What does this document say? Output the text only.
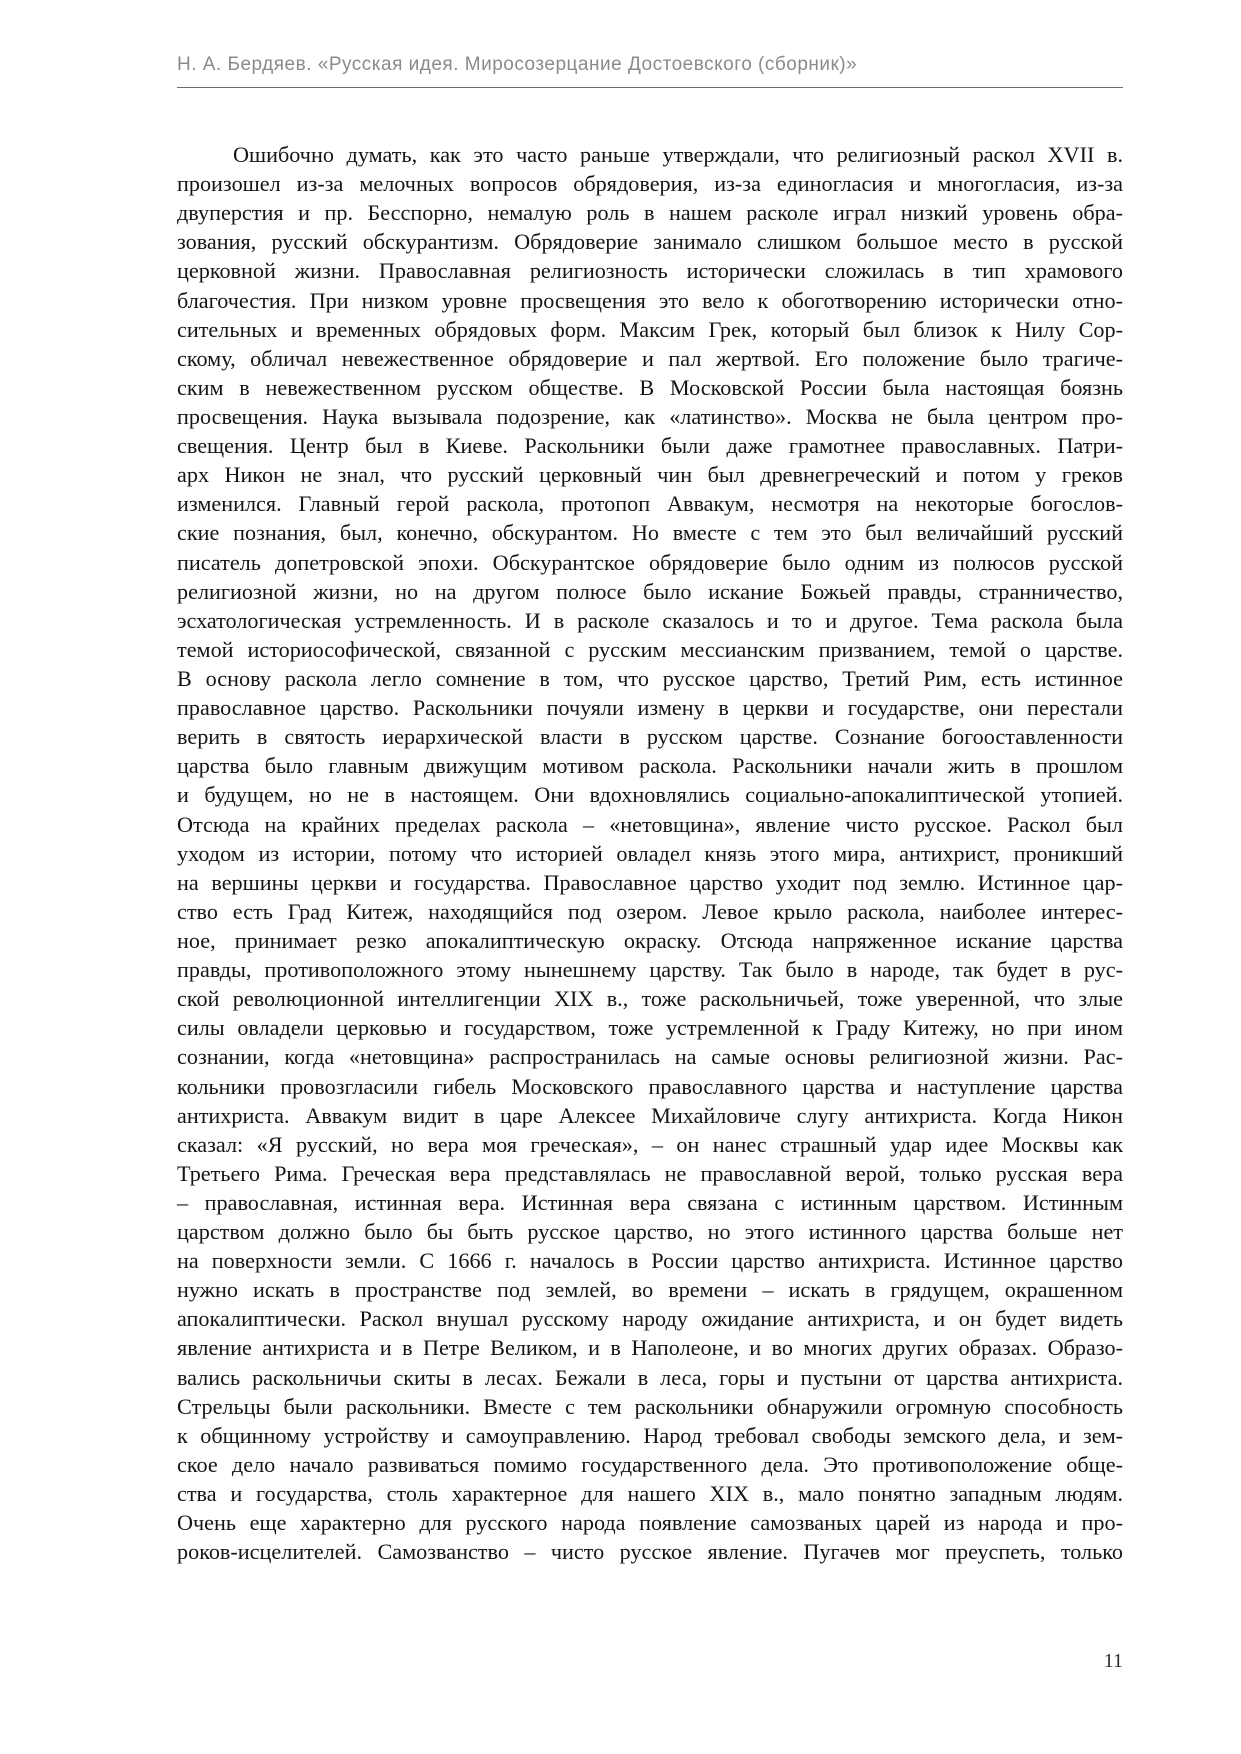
Н. А. Бердяев. «Русская идея. Миросозерцание Достоевского (сборник)»
Ошибочно думать, как это часто раньше утверждали, что религиозный раскол XVII в.
произошел из-за мелочных вопросов обрядоверия, из-за единогласия и многогласия, из-за
двуперстия и пр. Бесспорно, немалую роль в нашем расколе играл низкий уровень обра-
зования, русский обскурантизм. Обрядоверие занимало слишком большое место в русской
церковной жизни. Православная религиозность исторически сложилась в тип храмового
благочестия. При низком уровне просвещения это вело к обоготворению исторически отно-
сительных и временных обрядовых форм. Максим Грек, который был близок к Нилу Сор-
скому, обличал невежественное обрядоверие и пал жертвой. Его положение было трагиче-
ским в невежественном русском обществе. В Московской России была настоящая боязнь
просвещения. Наука вызывала подозрение, как «латинство». Москва не была центром про-
свещения. Центр был в Киеве. Раскольники были даже грамотнее православных. Патри-
арх Никон не знал, что русский церковный чин был древнегреческий и потом у греков
изменился. Главный герой раскола, протопоп Аввакум, несмотря на некоторые богослов-
ские познания, был, конечно, обскурантом. Но вместе с тем это был величайший русский
писатель допетровской эпохи. Обскурантское обрядоверие было одним из полюсов русской
религиозной жизни, но на другом полюсе было искание Божьей правды, странничество,
эсхатологическая устремленность. И в расколе сказалось и то и другое. Тема раскола была
темой историософической, связанной с русским мессианским призванием, темой о царстве.
В основу раскола легло сомнение в том, что русское царство, Третий Рим, есть истинное
православное царство. Раскольники почуяли измену в церкви и государстве, они перестали
верить в святость иерархической власти в русском царстве. Сознание богооставленности
царства было главным движущим мотивом раскола. Раскольники начали жить в прошлом
и будущем, но не в настоящем. Они вдохновлялись социально-апокалиптической утопией.
Отсюда на крайних пределах раскола – «нетовщина», явление чисто русское. Раскол был
уходом из истории, потому что историей овладел князь этого мира, антихрист, проникший
на вершины церкви и государства. Православное царство уходит под землю. Истинное цар-
ство есть Град Китеж, находящийся под озером. Левое крыло раскола, наиболее интерес-
ное, принимает резко апокалиптическую окраску. Отсюда напряженное искание царства
правды, противоположного этому нынешнему царству. Так было в народе, так будет в рус-
ской революционной интеллигенции XIX в., тоже раскольничьей, тоже уверенной, что злые
силы овладели церковью и государством, тоже устремленной к Граду Китежу, но при ином
сознании, когда «нетовщина» распространилась на самые основы религиозной жизни. Рас-
кольники провозгласили гибель Московского православного царства и наступление царства
антихриста. Аввакум видит в царе Алексее Михайловиче слугу антихриста. Когда Никон
сказал: «Я русский, но вера моя греческая», – он нанес страшный удар идее Москвы как
Третьего Рима. Греческая вера представлялась не православной верой, только русская вера
– православная, истинная вера. Истинная вера связана с истинным царством. Истинным
царством должно было бы быть русское царство, но этого истинного царства больше нет
на поверхности земли. С 1666 г. началось в России царство антихриста. Истинное царство
нужно искать в пространстве под землей, во времени – искать в грядущем, окрашенном
апокалиптически. Раскол внушал русскому народу ожидание антихриста, и он будет видеть
явление антихриста и в Петре Великом, и в Наполеоне, и во многих других образах. Образо-
вались раскольничьи скиты в лесах. Бежали в леса, горы и пустыни от царства антихриста.
Стрельцы были раскольники. Вместе с тем раскольники обнаружили огромную способность
к общинному устройству и самоуправлению. Народ требовал свободы земского дела, и зем-
ское дело начало развиваться помимо государственного дела. Это противоположение обще-
ства и государства, столь характерное для нашего XIX в., мало понятно западным людям.
Очень еще характерно для русского народа появление самозваных царей из народа и про-
роков-исцелителей. Самозванство – чисто русское явление. Пугачев мог преуспеть, только
11
